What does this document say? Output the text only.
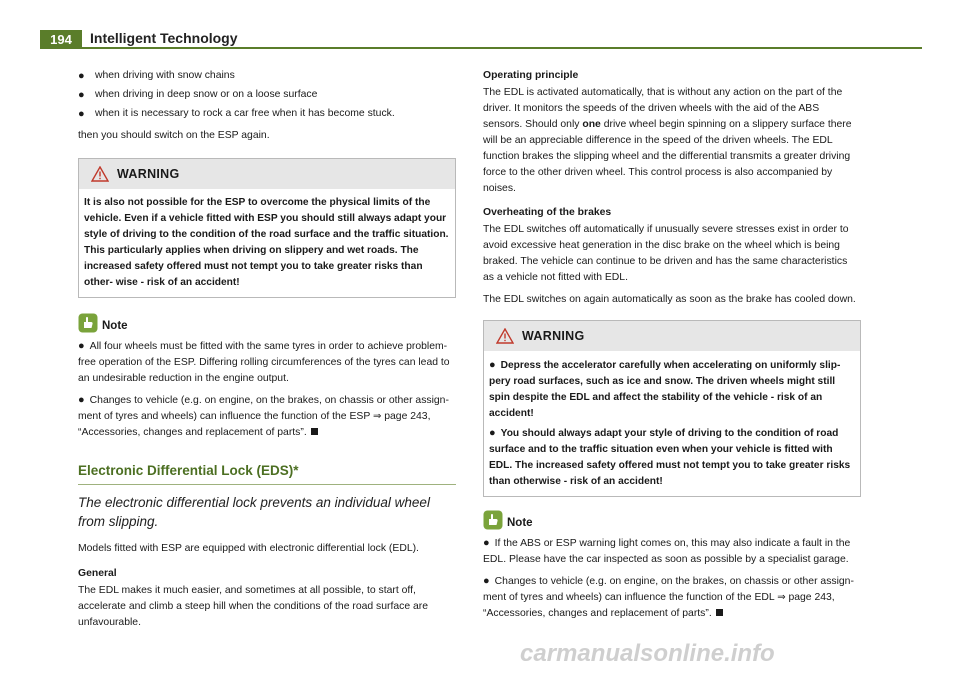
194	Intelligent Technology
● when driving with snow chains
● when driving in deep snow or on a loose surface
● when it is necessary to rock a car free when it has become stuck.

then you should switch on the ESP again.

WARNING
It is also not possible for the ESP to overcome the physical limits of the vehicle. Even if a vehicle fitted with ESP you should still always adapt your style of driving to the condition of the road surface and the traffic situation. This particularly applies when driving on slippery and wet roads. The increased safety offered must not tempt you to take greater risks than other- wise - risk of an accident!
Note
● All four wheels must be fitted with the same tyres in order to achieve problem-free operation of the ESP. Differing rolling circumferences of the tyres can lead to an undesirable reduction in the engine output.
● Changes to vehicle (e.g. on engine, on the brakes, on chassis or other assign- ment of tyres and wheels) can influence the function of the ESP ⇒ page 243, “Accessories, changes and replacement of parts”.
Electronic Differential Lock (EDS)*
The electronic differential lock prevents an individual wheel from slipping.

Models fitted with ESP are equipped with electronic differential lock (EDL).

General

The EDL makes it much easier, and sometimes at all possible, to start off, accelerate and climb a steep hill when the conditions of the road surface are unfavourable.

Operating principle

The EDL is activated automatically, that is without any action on the part of the driver. It monitors the speeds of the driven wheels with the aid of the ABS sensors. Should only one drive wheel begin spinning on a slippery surface there will be an appreciable difference in the speed of the driven wheels. The EDL function brakes the slipping wheel and the differential transmits a greater driving force to the other driven wheel. This control process is also accompanied by noises.

Overheating of the brakes

The EDL switches off automatically if unusually severe stresses exist in order to avoid excessive heat generation in the disc brake on the wheel which is being braked. The vehicle can continue to be driven and has the same characteristics as a vehicle not fitted with EDL.

The EDL switches on again automatically as soon as the brake has cooled down.

WARNING
● Depress the accelerator carefully when accelerating on uniformly slip- pery road surfaces, such as ice and snow. The driven wheels might still spin despite the EDL and affect the stability of the vehicle - risk of an accident!
● You should always adapt your style of driving to the condition of road surface and to the traffic situation even when your vehicle is fitted with EDL. The increased safety offered must not tempt you to take greater risks than otherwise - risk of an accident!
Note
● If the ABS or ESP warning light comes on, this may also indicate a fault in the EDL. Please have the car inspected as soon as possible by a specialist garage.
● Changes to vehicle (e.g. on engine, on the brakes, on chassis or other assign- ment of tyres and wheels) can influence the function of the EDL ⇒ page 243, “Accessories, changes and replacement of parts”.
carmanualsonline.info
